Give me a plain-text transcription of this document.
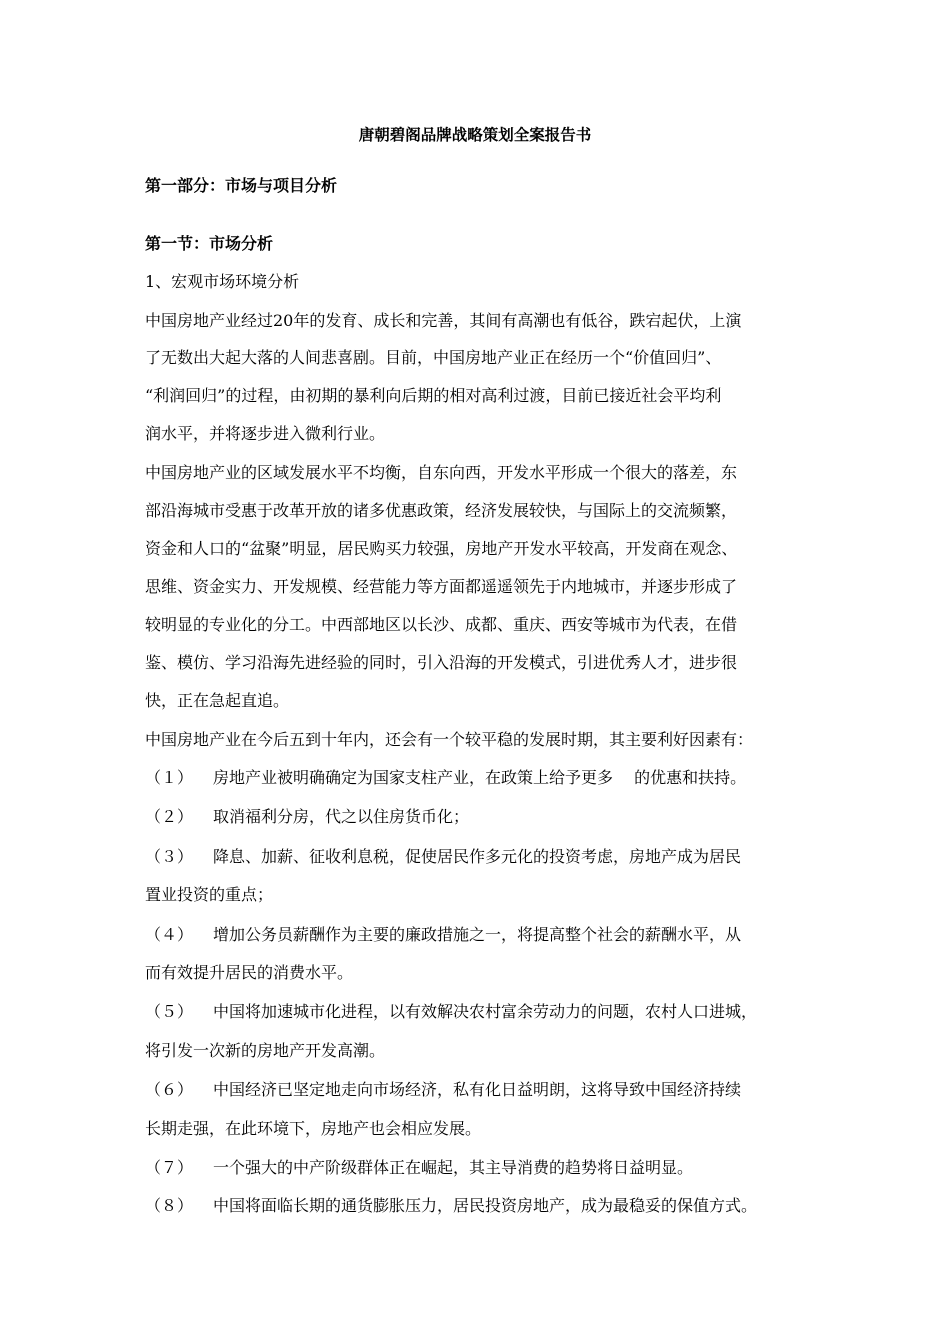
唐朝碧阁品牌战略策划全案报告书
第一部分：市场与项目分析
第一节：市场分析
1、宏观市场环境分析
中国房地产业经过20年的发育、成长和完善，其间有高潮也有低谷，跌宕起伏，上演
了无数出大起大落的人间悲喜剧。目前，中国房地产业正在经历一个“价值回归”、
“利润回归”的过程，由初期的暴利向后期的相对高利过渡，目前已接近社会平均利
润水平，并将逐步进入微利行业。
中国房地产业的区域发展水平不均衡，自东向西，开发水平形成一个很大的落差，东
部沿海城市受惠于改革开放的诸多优惠政策，经济发展较快，与国际上的交流频繁，
资金和人口的“盆聚”明显，居民购买力较强，房地产开发水平较高，开发商在观念、
思维、资金实力、开发规模、经营能力等方面都遥遥领先于内地城市，并逐步形成了
较明显的专业化的分工。中西部地区以长沙、成都、重庆、西安等城市为代表，在借
鉴、模仿、学习沿海先进经验的同时，引入沿海的开发模式，引进优秀人才，进步很
快，正在急起直追。
中国房地产业在今后五到十年内，还会有一个较平稳的发展时期，其主要利好因素有：
（１） 房地产业被明确确定为国家支柱产业，在政策上给予更多　 的优惠和扶持。
（２） 取消福利分房，代之以住房货币化；
（３） 降息、加薪、征收利息税，促使居民作多元化的投资考虑，房地产成为居民
置业投资的重点；
（４） 增加公务员薪酬作为主要的廉政措施之一，将提高整个社会的薪酬水平，从
而有效提升居民的消费水平。
（５） 中国将加速城市化进程，以有效解决农村富余劳动力的问题，农村人口进城，
将引发一次新的房地产开发高潮。
（６） 中国经济已坚定地走向市场经济，私有化日益明朗，这将导致中国经济持续
长期走强，在此环境下，房地产也会相应发展。
（７） 一个强大的中产阶级群体正在崛起，其主导消费的趋势将日益明显。
（８） 中国将面临长期的通货膨胀压力，居民投资房地产，成为最稳妥的保值方式。
